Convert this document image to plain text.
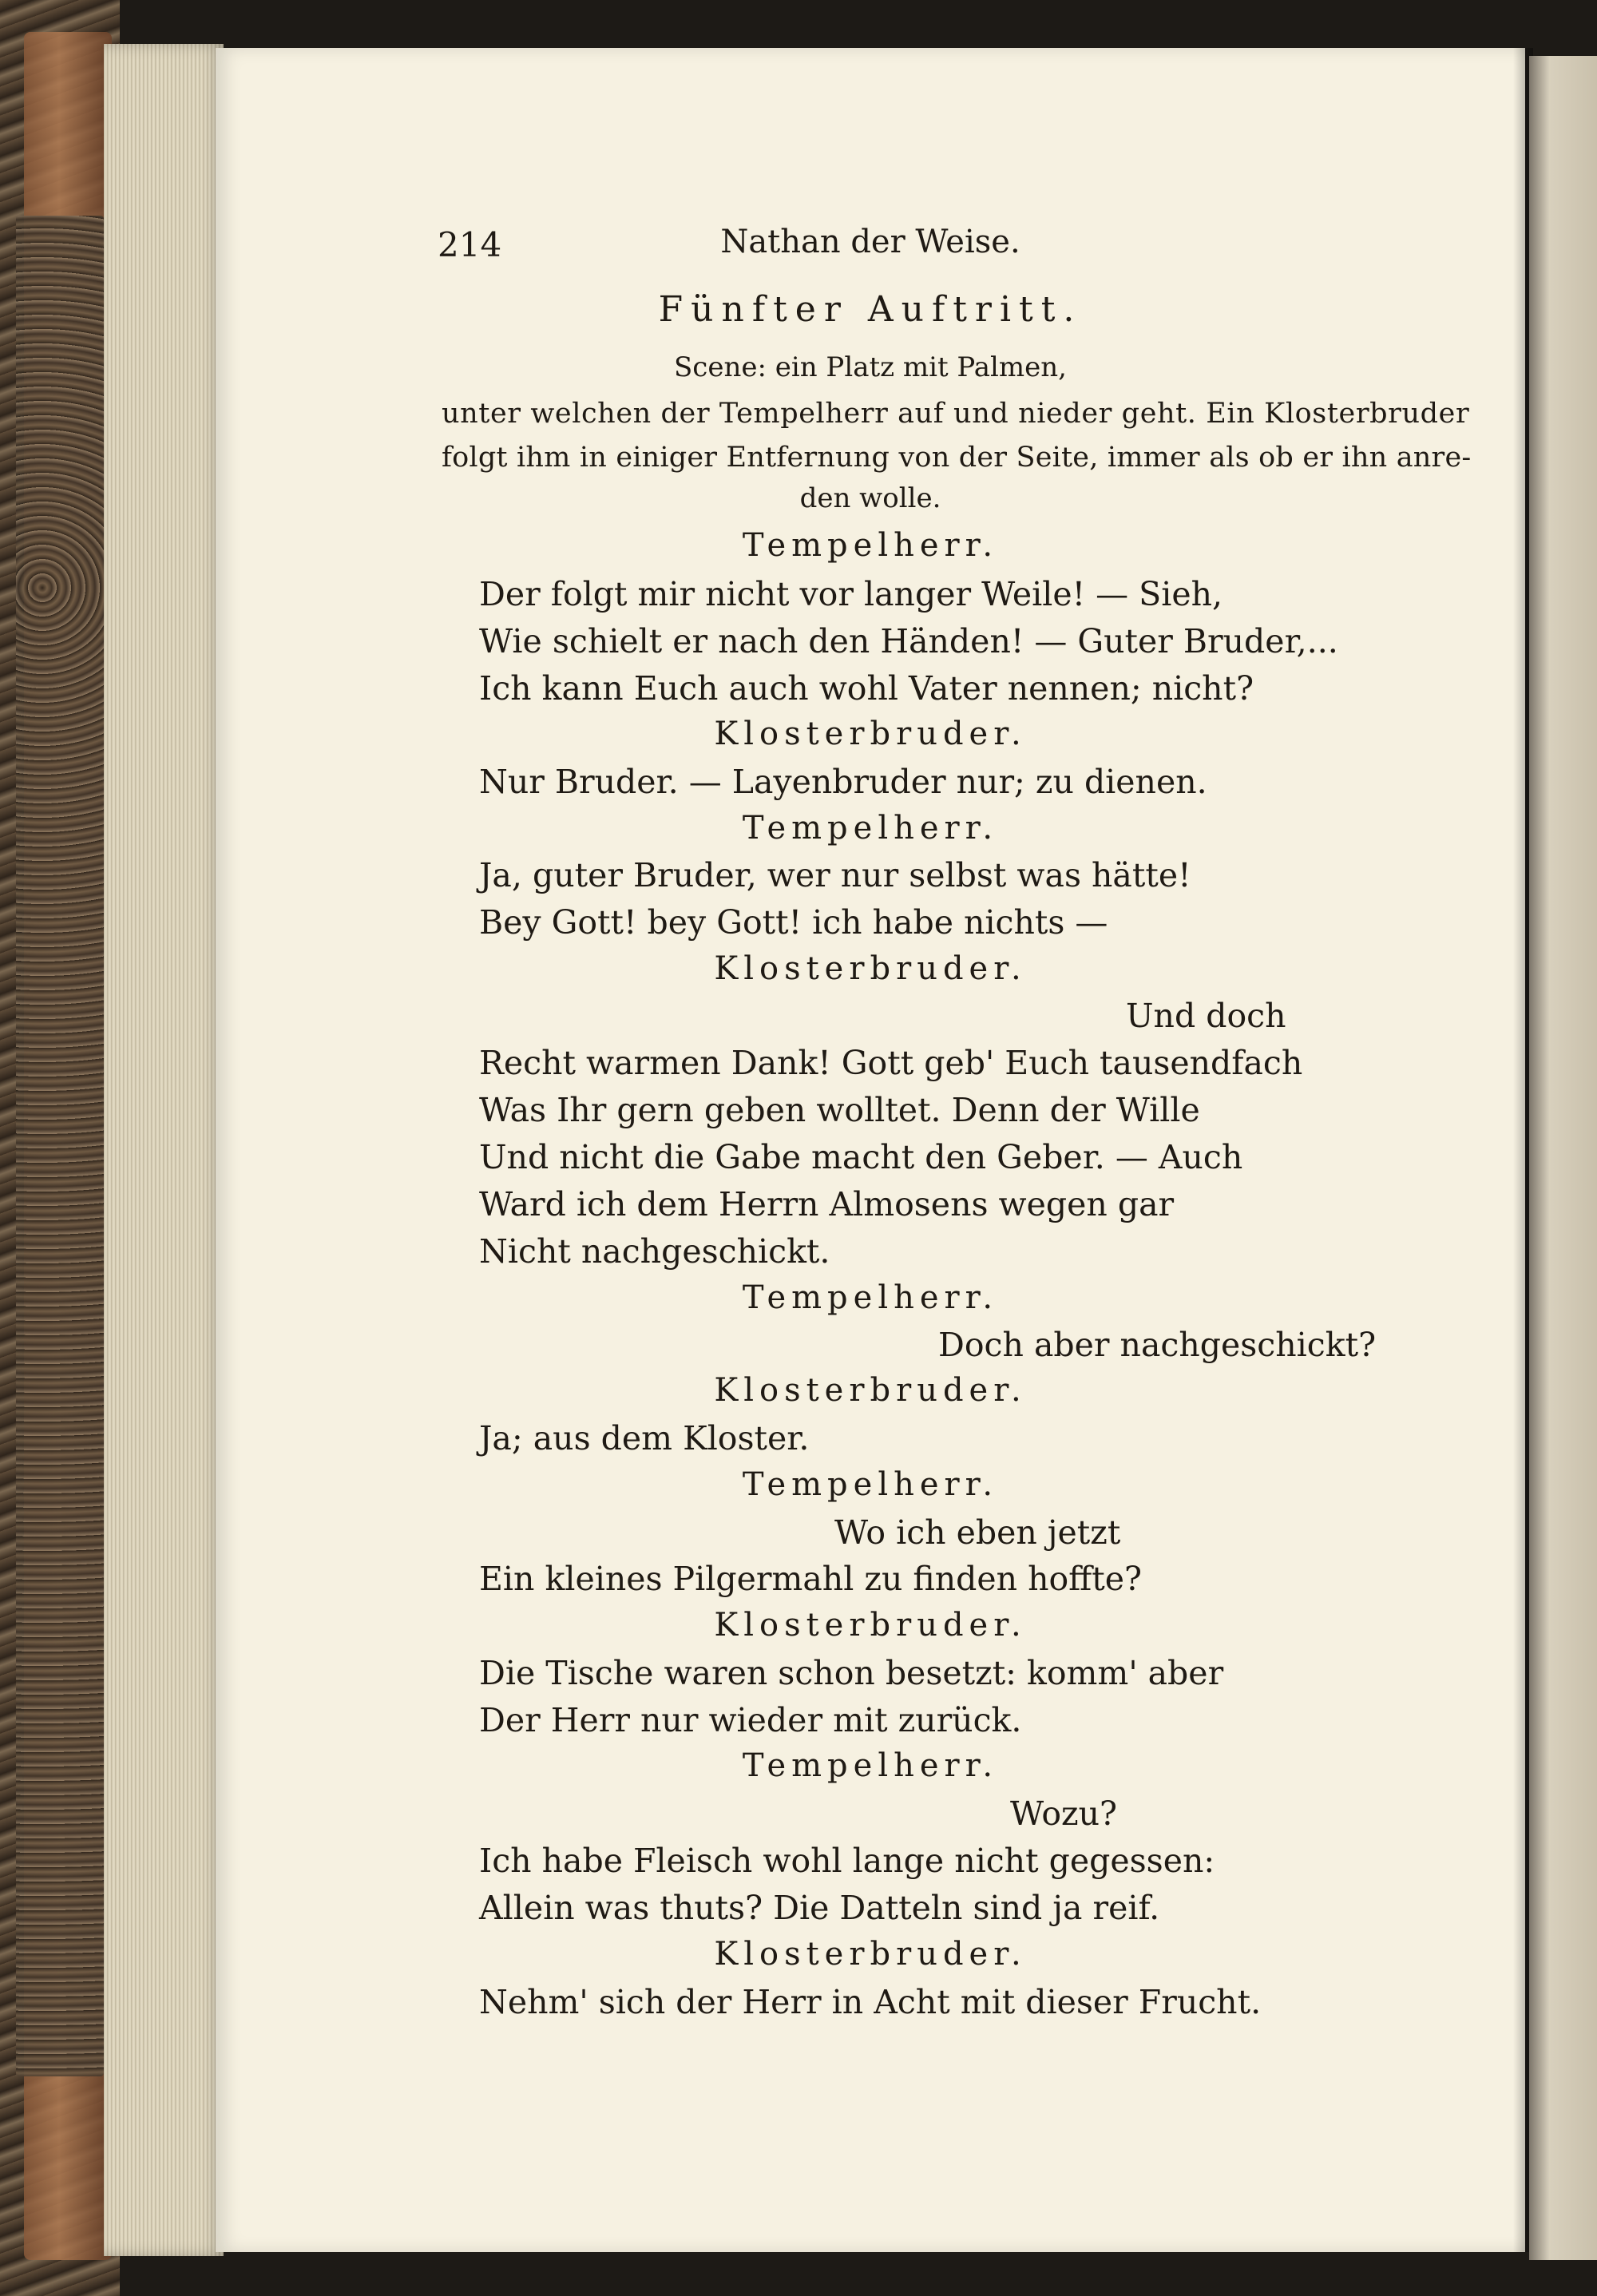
214	Nathan der Weise.
Fünfter Auftritt.
Scene: ein Platz mit Palmen,
unter welchen der Tempelherr auf und nieder geht. Ein Klosterbruder
folgt ihm in einiger Entfernung von der Seite, immer als ob er ihn anre-
den wolle.
Tempelherr.
Der folgt mir nicht vor langer Weile! — Sieh,
Wie schielt er nach den Händen! — Guter Bruder,...
Ich kann Euch auch wohl Vater nennen; nicht?
Klosterbruder.
Nur Bruder. — Layenbruder nur; zu dienen.
Tempelherr.
Ja, guter Bruder, wer nur selbst was hätte!
Bey Gott! bey Gott! ich habe nichts —
Klosterbruder.
Und doch
Recht warmen Dank! Gott geb' Euch tausendfach
Was Ihr gern geben wolltet. Denn der Wille
Und nicht die Gabe macht den Geber. — Auch
Ward ich dem Herrn Almosens wegen gar
Nicht nachgeschickt.
Tempelherr.
Doch aber nachgeschickt?
Klosterbruder.
Ja; aus dem Kloster.
Tempelherr.
Wo ich eben jetzt
Ein kleines Pilgermahl zu finden hoffte?
Klosterbruder.
Die Tische waren schon besetzt: komm' aber
Der Herr nur wieder mit zurück.
Tempelherr.
Wozu?
Ich habe Fleisch wohl lange nicht gegessen:
Allein was thuts? Die Datteln sind ja reif.
Klosterbruder.
Nehm' sich der Herr in Acht mit dieser Frucht.
